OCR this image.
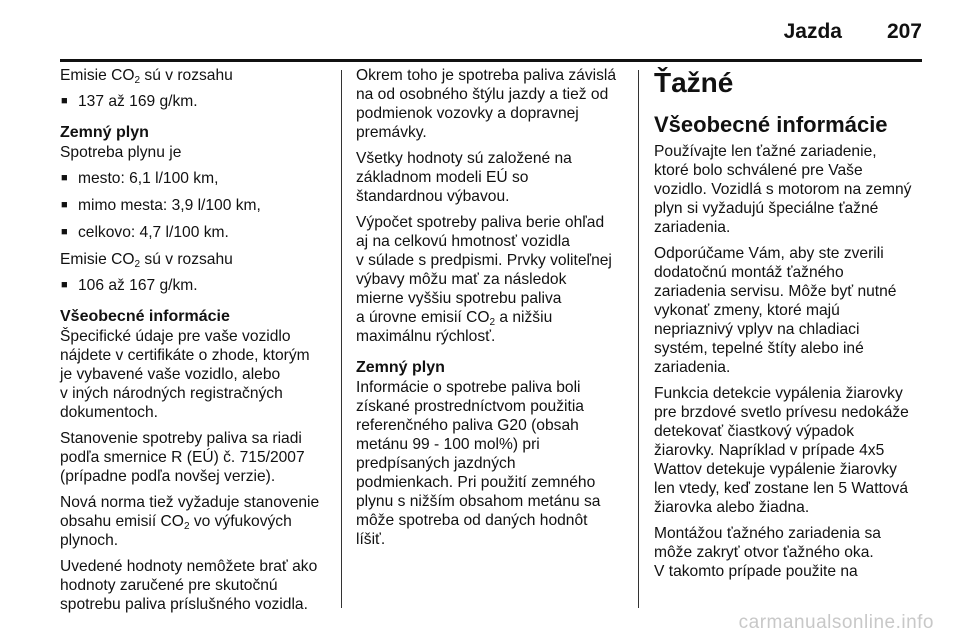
Jazda 207

Emisie $CO_2$ sú v rozsahu

■ 137 až 169 g/km.

Zemný plyn

Spotreba plynu je

■ mesto: 6,1 l/100 km,
■ mimo mesta: 3,9 l/100 km,
■ celkovo: 4,7 l/100 km.

Emisie $CO_2$ sú v rozsahu

■ 106 až 167 g/km.

Všeobecné informácie

Špecifické údaje pre vaše vozidlo
nájdete v certifikáte o zhode, ktorým
je vybavené vaše vozidlo, alebo
v iných národných registračných
dokumentoch.

Stanovenie spotreby paliva sa riadi
podľa smernice R (EÚ) č. 715/2007
(prípadne podľa novšej verzie).

Nová norma tiež vyžaduje stanovenie
obsahu emisií $CO_2$ vo výfukových
plynoch.

Uvedené hodnoty nemôžete brať ako
hodnoty zaručené pre skutočnú
spotrebu paliva príslušného vozidla.

Okrem toho je spotreba paliva závislá
na od osobného štýlu jazdy a tiež od
podmienok vozovky a dopravnej
premávky.

Všetky hodnoty sú založené na
základnom modeli EÚ so
štandardnou výbavou.

Výpočet spotreby paliva berie ohľad
aj na celkovú hmotnosť vozidla
v súlade s predpismi. Prvky voliteľnej
výbavy môžu mať za následok
mierne vyššiu spotrebu paliva
a úrovne emisií $CO_2$ a nižšiu
maximálnu rýchlosť.

Zemný plyn

Informácie o spotrebe paliva boli
získané prostredníctvom použitia
referenčného paliva G20 (obsah
metánu 99 - 100 mol%) pri
predpísaných jazdných
podmienkach. Pri použití zemného
plynu s nižším obsahom metánu sa
môže spotreba od daných hodnôt
líšiť.

Ťažné

Všeobecné informácie

Používajte len ťažné zariadenie,
ktoré bolo schválené pre Vaše
vozidlo. Vozidlá s motorom na zemný
plyn si vyžadujú špeciálne ťažné
zariadenia.

Odporúčame Vám, aby ste zverili
dodatočnú montáž ťažného
zariadenia servisu. Môže byť nutné
vykonať zmeny, ktoré majú
nepriaznivý vplyv na chladiaci
systém, tepelné štíty alebo iné
zariadenia.

Funkcia detekcie vypálenia žiarovky
pre brzdové svetlo prívesu nedokáže
detekovať čiastkový výpadok
žiarovky. Napríklad v prípade 4x5
Wattov detekuje vypálenie žiarovky
len vtedy, keď zostane len 5 Wattová
žiarovka alebo žiadna.

Montážou ťažného zariadenia sa
môže zakryť otvor ťažného oka.
V takomto prípade použite na

carmanualsonline.info
